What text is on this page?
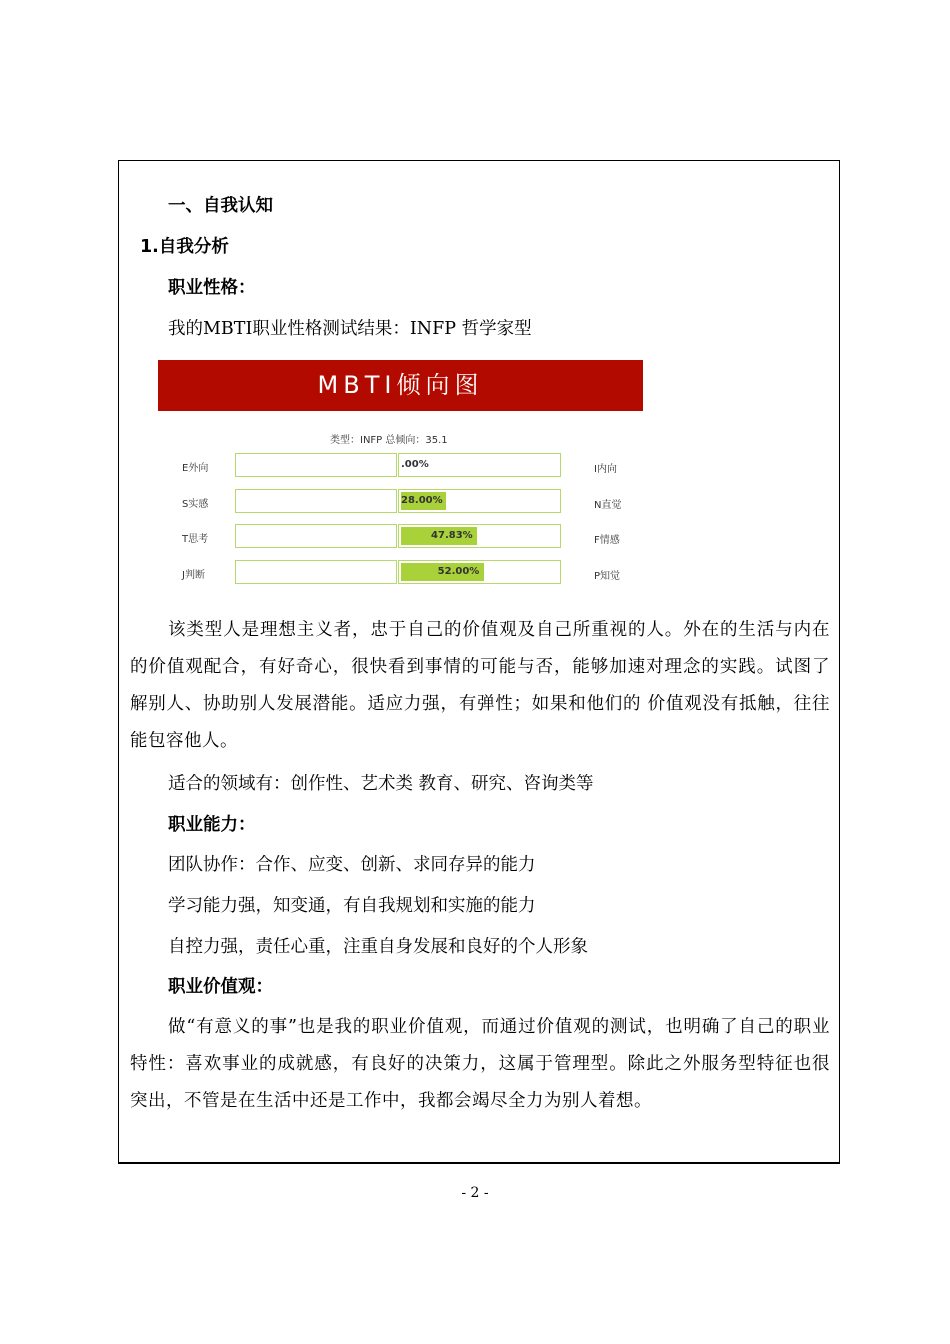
一、自我认知
1.自我分析
职业性格：
我的MBTI职业性格测试结果：INFP 哲学家型
MBTI倾向图
类型：INFP 总倾向：35.1
E外向	.00%	I内向
S实感	28.00%	N直觉
T思考	47.83%	F情感
J判断	52.00%	P知觉
该类型人是理想主义者，忠于自己的价值观及自己所重视的人。外在的生活与内在的价值观配合，有好奇心，很快看到事情的可能与否，能够加速对理念的实践。试图了解别人、协助别人发展潜能。适应力强，有弹性；如果和他们的 价值观没有抵触，往往能包容他人。
适合的领域有：创作性、艺术类 教育、研究、咨询类等
职业能力：
团队协作：合作、应变、创新、求同存异的能力
学习能力强，知变通，有自我规划和实施的能力
自控力强，责任心重，注重自身发展和良好的个人形象
职业价值观：
做“有意义的事”也是我的职业价值观，而通过价值观的测试，也明确了自己的职业特性：喜欢事业的成就感，有良好的决策力，这属于管理型。除此之外服务型特征也很突出，不管是在生活中还是工作中，我都会竭尽全力为别人着想。
- 2 -
